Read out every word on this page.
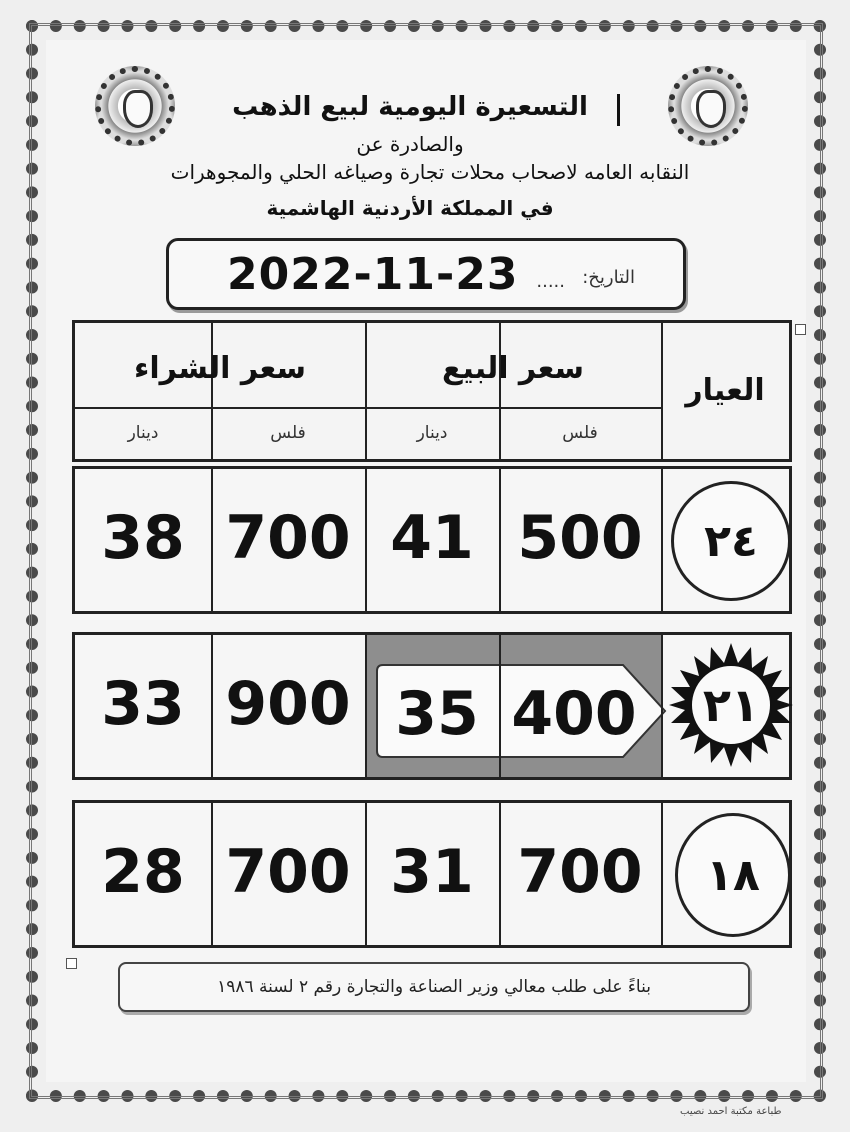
التسعيرة اليومية لبيع الذهب
والصادرة عن
النقابه العامه لاصحاب محلات تجارة وصياغه الحلي والمجوهرات
في المملكة الأردنية الهاشمية
2022-11-23 ..... التاريخ:
سعر الشراء	سعر البيع
العيار
دينار	فلس	دينار	فلس
38 700 41 500	٢٤
33 900 35 400 ٢١
28 700 31 700	١٨
بناءً على طلب معالي وزير الصناعة والتجارة رقم ٢ لسنة ١٩٨٦
طباعة مكتبة احمد نصيب
